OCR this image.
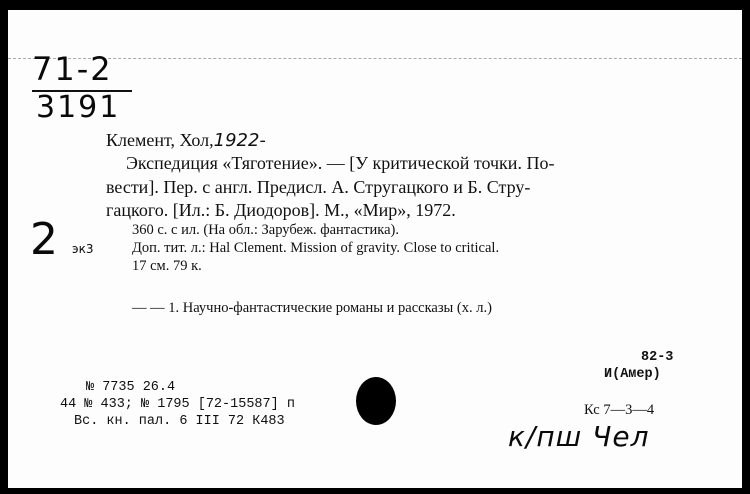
71-2
3191
Клемент, Хол,1922-
Экспедиция «Тяготение». — [У критической точки. По-
вести]. Пер. с англ. Предисл. А. Стругацкого и Б. Стру-
гацкого. [Ил.: Б. Диодоров]. М., «Мир», 1972.
360 с. с ил. (На обл.: Зарубеж. фантастика).
Доп. тит. л.: Hal Clement. Mission of gravity. Close to critical.
17 см. 79 к.
2 эк3
— — 1. Научно-фантастические романы и рассказы (х. л.)
82-3
И(Амер)
№ 7735 26.4
44 № 433; № 1795 [72-15587] п
Вс. кн. пал. 6 III 72 К483
Кс 7—3—4
к/пш Чел
